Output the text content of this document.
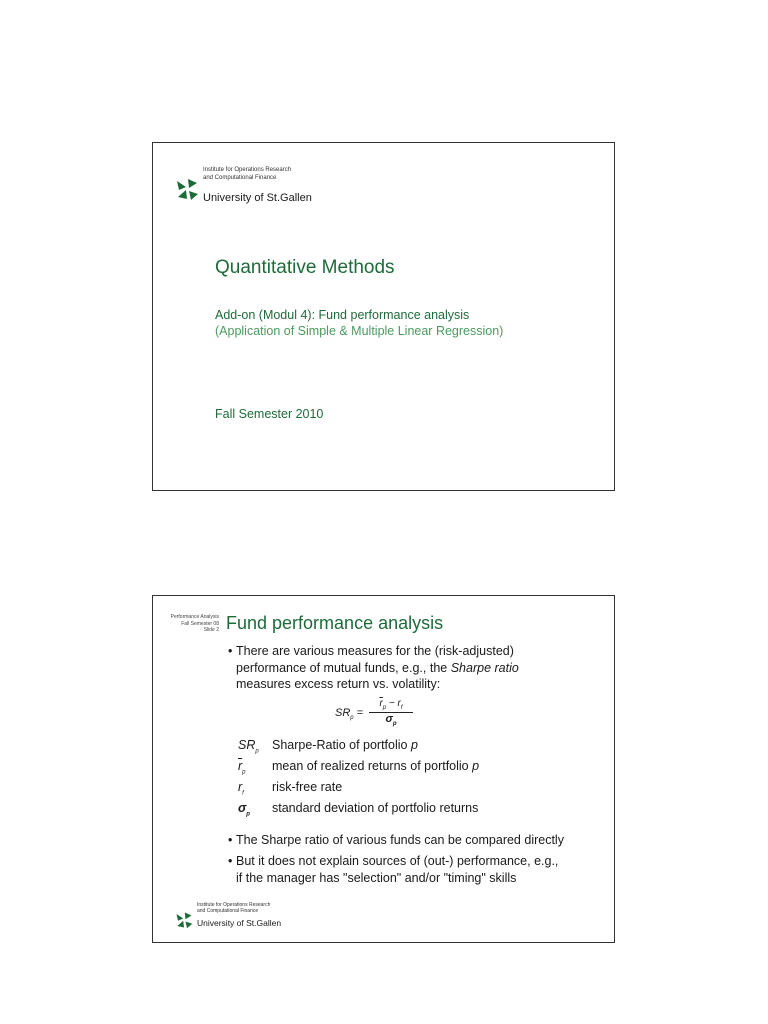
Institute for Operations Research
and Computational Finance
University of St.Gallen
Quantitative Methods
Add-on (Modul 4): Fund performance analysis
(Application of Simple & Multiple Linear Regression)
Fall Semester 2010
Performance Analysis
Fall Semester 08
Slide 2 Fund performance analysis
• There are various measures for the (risk-adjusted)
performance of mutual funds, e.g., the Sharpe ratio
measures excess return vs. volatility:
$SR_p = \frac{\overline{r}_p - r_f}{\sigma_p}$
$SR_p$ Sharpe-Ratio of portfolio p
$\overline{r}_p$ mean of realized returns of portfolio p
$r_f$ risk-free rate
$\sigma_p$ standard deviation of portfolio returns
• The Sharpe ratio of various funds can be compared directly
• But it does not explain sources of (out-) performance, e.g.,
if the manager has "selection" and/or "timing" skills
Institute for Operations Research
and Computational Finance
University of St.Gallen
